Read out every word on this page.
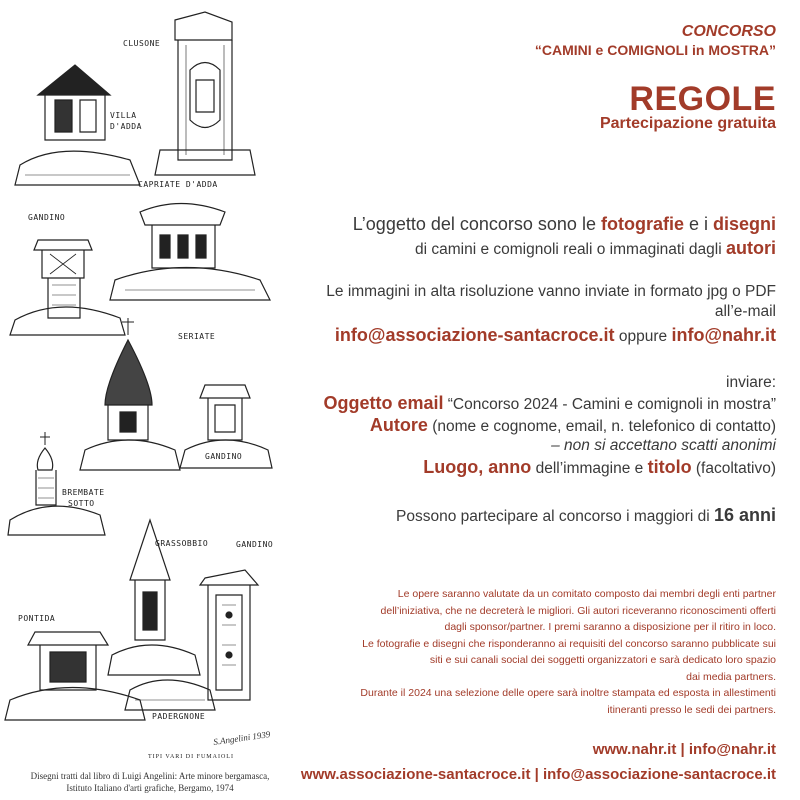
CLUSONE
VILLA
D'ADDA
CAPRIATE D'ADDA
GANDINO
SERIATE
GANDINO
BREMBATE
SOTTO
GRASSOBBIO	GANDINO
PONTIDA
PADERGNONE
S.Angelini 1939
TIPI VARI DI FUMAIOLI
Disegni tratti dal libro di Luigi Angelini: Arte minore bergamasca,
Istituto Italiano d'arti grafiche, Bergamo, 1974
CONCORSO
“CAMINI e COMIGNOLI in MOSTRA”
REGOLE
Partecipazione gratuita
L’oggetto del concorso sono le fotografie e i disegni
di camini e comignoli reali o immaginati dagli autori
Le immagini in alta risoluzione vanno inviate in formato jpg o PDF
all’e-mail
info@associazione-santacroce.it oppure info@nahr.it
inviare:
Oggetto email “Concorso 2024 - Camini e comignoli in mostra”
Autore (nome e cognome, email, n. telefonico di contatto)
– non si accettano scatti anonimi
Luogo, anno dell’immagine e titolo (facoltativo)
Possono partecipare al concorso i maggiori di 16 anni
Le opere saranno valutate da un comitato composto dai membri degli enti partner
dell’iniziativa, che ne decreterà le migliori. Gli autori riceveranno riconoscimenti offerti
dagli sponsor/partner. I premi saranno a disposizione per il ritiro in loco.
Le fotografie e disegni che risponderanno ai requisiti del concorso saranno pubblicate sui
siti e sui canali social dei soggetti organizzatori e sarà dedicato loro spazio
dai media partners.
Durante il 2024 una selezione delle opere sarà inoltre stampata ed esposta in allestimenti
itineranti presso le sedi dei partners.
www.nahr.it | info@nahr.it
www.associazione-santacroce.it | info@associazione-santacroce.it
